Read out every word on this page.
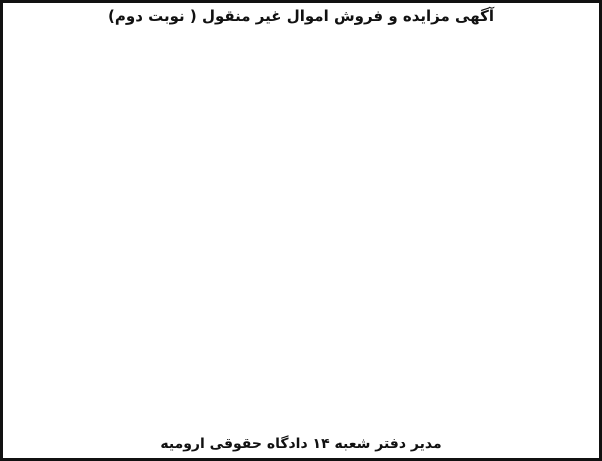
آگهی مزایده و فروش اموال غیر منقول ( نوبت دوم)

مدیر دفتر شعبه ۱۴ دادگاه حقوقی ارومیه
